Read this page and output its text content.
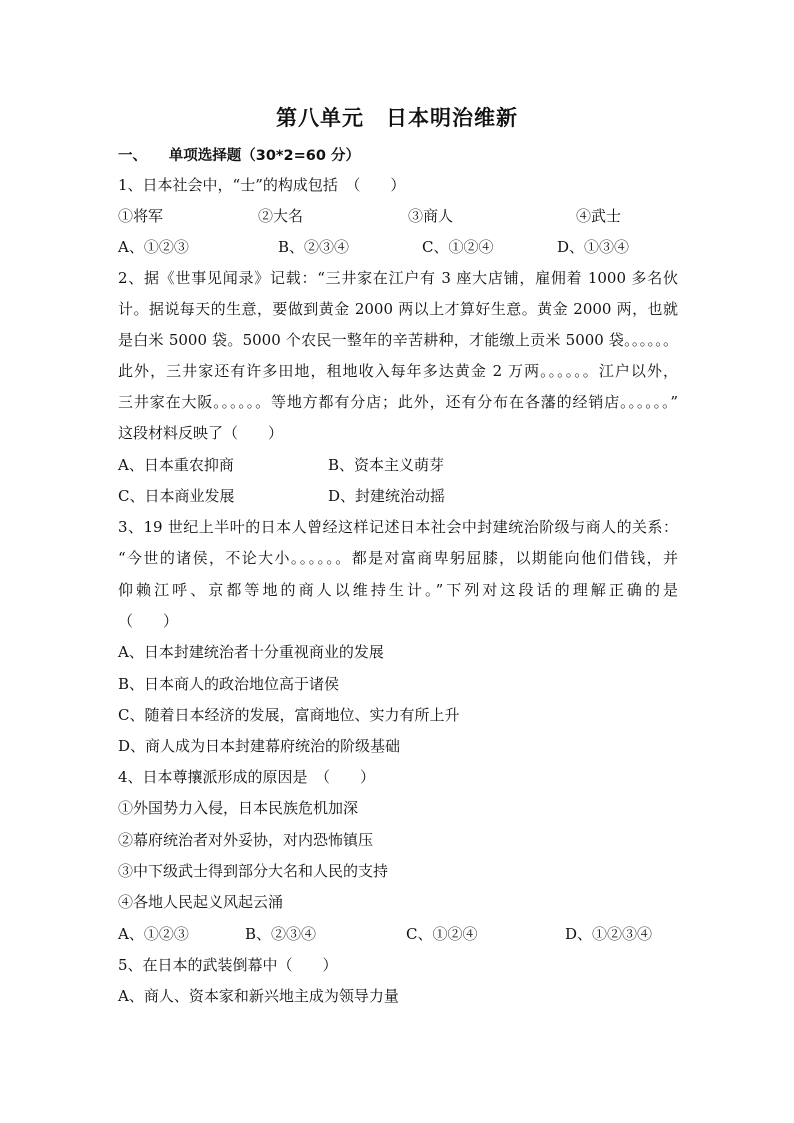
第八单元　日本明治维新
一、　　单项选择题（30*2=60 分）
1、日本社会中，“士”的构成包括　（　　）
①将军	②大名	③商人	④武士
A、①②③	B、②③④	C、①②④	D、①③④
2、据《世事见闻录》记载：“三井家在江户有 3 座大店铺，雇佣着 1000 多名伙
计。据说每天的生意，要做到黄金 2000 两以上才算好生意。黄金 2000 两，也就
是白米 5000 袋。5000 个农民一整年的辛苦耕种，才能缴上贡米 5000 袋。。。。。。
此外，三井家还有许多田地，租地收入每年多达黄金 2 万两。。。。。。江户以外，
三井家在大阪。。。。。。等地方都有分店；此外，还有分布在各藩的经销店。。。。。。”
这段材料反映了（　　）
A、日本重农抑商	B、资本主义萌芽
C、日本商业发展	D、封建统治动摇
3、19 世纪上半叶的日本人曾经这样记述日本社会中封建统治阶级与商人的关系：
“今世的诸侯，不论大小。。。。。。都是对富商卑躬屈膝，以期能向他们借钱，并
仰赖江呼、京都等地的商人以维持生计。”下列对这段话的理解正确的是
（　　）
A、日本封建统治者十分重视商业的发展
B、日本商人的政治地位高于诸侯
C、随着日本经济的发展，富商地位、实力有所上升
D、商人成为日本封建幕府统治的阶级基础
4、日本尊攘派形成的原因是　（　　）
①外国势力入侵，日本民族危机加深
②幕府统治者对外妥协，对内恐怖镇压
③中下级武士得到部分大名和人民的支持
④各地人民起义风起云涌
A、①②③	B、②③④	C、①②④	D、①②③④
5、在日本的武装倒幕中（　　）
A、商人、资本家和新兴地主成为领导力量
